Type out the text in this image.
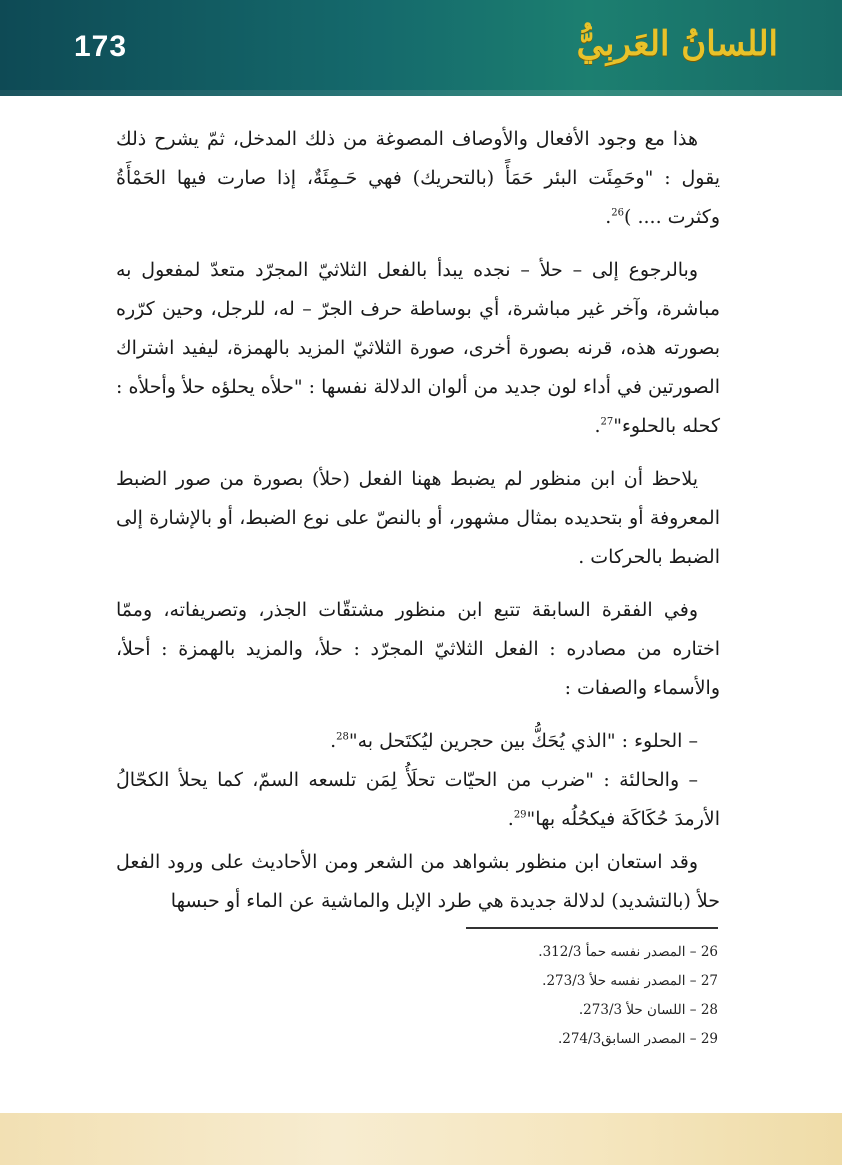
173	اللسانُ العَربِيُّ

هذا مع وجود الأفعال والأوصاف المصوغة من ذلك المدخل، ثمّ يشرح ذلك يقول : "وحَمِئَت البئر حَمَأً (بالتحريك) فهي حَـمِئَةٌ، إذا صارت فيها الحَمْأَةُ وكثرت .... )$^{26}$.

وبالرجوع إلى – حلأ – نجده يبدأ بالفعل الثلاثيّ المجرّد متعدّ لمفعول به مباشرة، وآخر غير مباشرة، أي بوساطة حرف الجرّ – له، للرجل، وحين كرّره بصورته هذه، قرنه بصورة أخرى، صورة الثلاثيّ المزيد بالهمزة، ليفيد اشتراك الصورتين في أداء لون جديد من ألوان الدلالة نفسها : "حلأه يحلؤه حلأ وأحلأه : كحله بالحلوء"$^{27}$.

يلاحظ أن ابن منظور لم يضبط ههنا الفعل (حلأ) بصورة من صور الضبط المعروفة أو بتحديده بمثال مشهور، أو بالنصّ على نوع الضبط، أو بالإشارة إلى الضبط بالحركات .

وفي الفقرة السابقة تتبع ابن منظور مشتقّات الجذر، وتصريفاته، وممّا اختاره من مصادره : الفعل الثلاثيّ المجرّد : حلأ، والمزيد بالهمزة : أحلأ، والأسماء والصفات :

– الحلوء : "الذي يُحَكُّ بين حجرين ليُكتَحل به"$^{28}$.

– والحالئة : "ضرب من الحيّات تحلَأُ لِمَن تلسعه السمّ، كما يحلأ الكحّالُ الأرمدَ حُكَاكَة فيكحُلُه بها"$^{29}$.

وقد استعان ابن منظور بشواهد من الشعر ومن الأحاديث على ورود الفعل حلأ (بالتشديد) لدلالة جديدة هي طرد الإبل والماشية عن الماء أو حبسها

26 – المصدر نفسه حمأ 312/3.
27 – المصدر نفسه حلأ 273/3.
28 – اللسان حلأ 273/3.
29 – المصدر السابق274/3.
